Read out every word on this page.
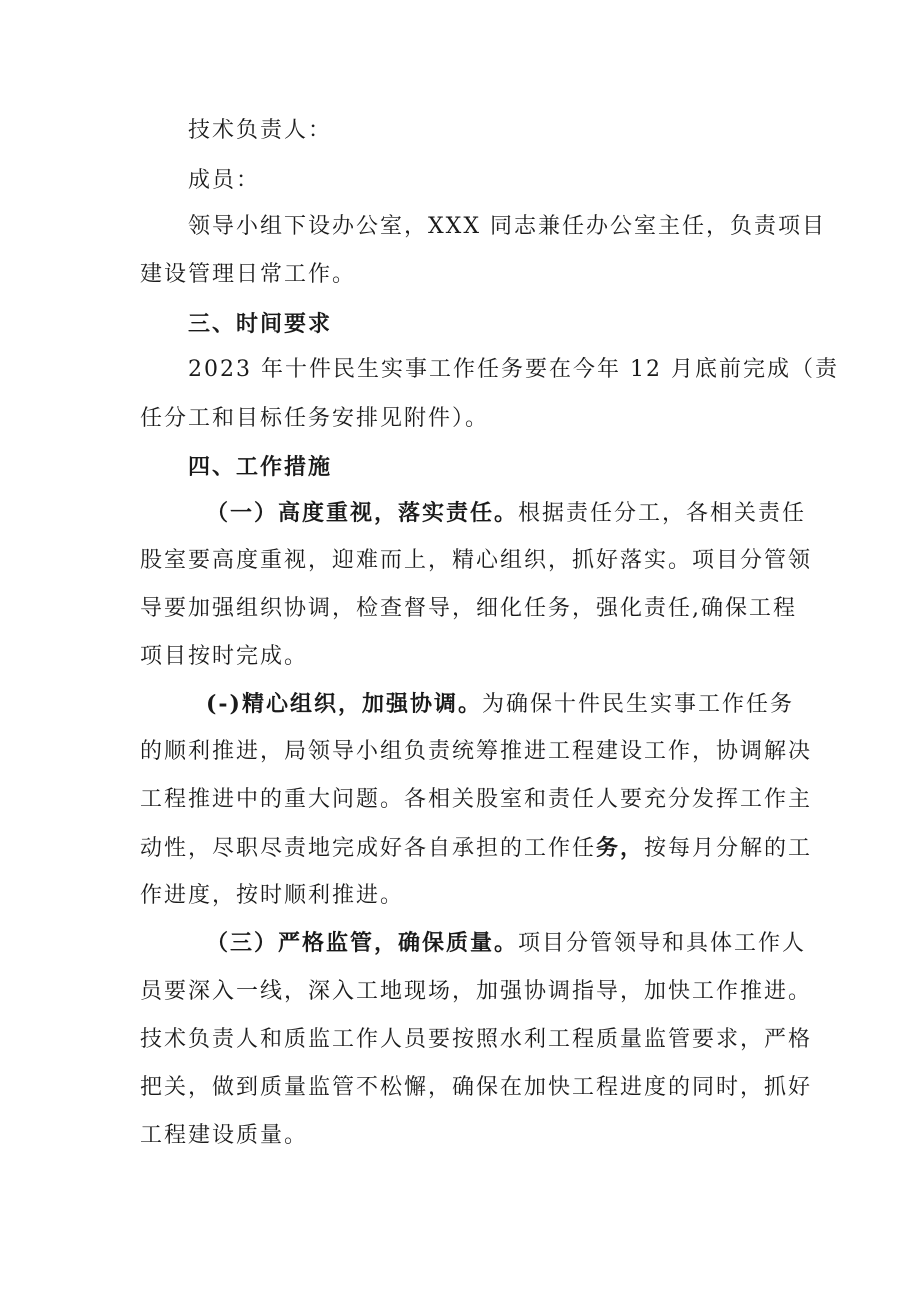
技术负责人：
成员：
领导小组下设办公室，XXX 同志兼任办公室主任，负责项目
建设管理日常工作。
三、时间要求
2023 年十件民生实事工作任务要在今年 12 月底前完成（责
任分工和目标任务安排见附件）。
四、工作措施
（一）高度重视，落实责任。根据责任分工，各相关责任
股室要高度重视，迎难而上，精心组织，抓好落实。项目分管领
导要加强组织协调，检查督导，细化任务，强化责任,确保工程
项目按时完成。
(-)精心组织，加强协调。为确保十件民生实事工作任务
的顺利推进，局领导小组负责统筹推进工程建设工作，协调解决
工程推进中的重大问题。各相关股室和责任人要充分发挥工作主
动性，尽职尽责地完成好各自承担的工作任务，按每月分解的工
作进度，按时顺利推进。
（三）严格监管，确保质量。项目分管领导和具体工作人
员要深入一线，深入工地现场，加强协调指导，加快工作推进。
技术负责人和质监工作人员要按照水利工程质量监管要求，严格
把关，做到质量监管不松懈，确保在加快工程进度的同时，抓好
工程建设质量。
